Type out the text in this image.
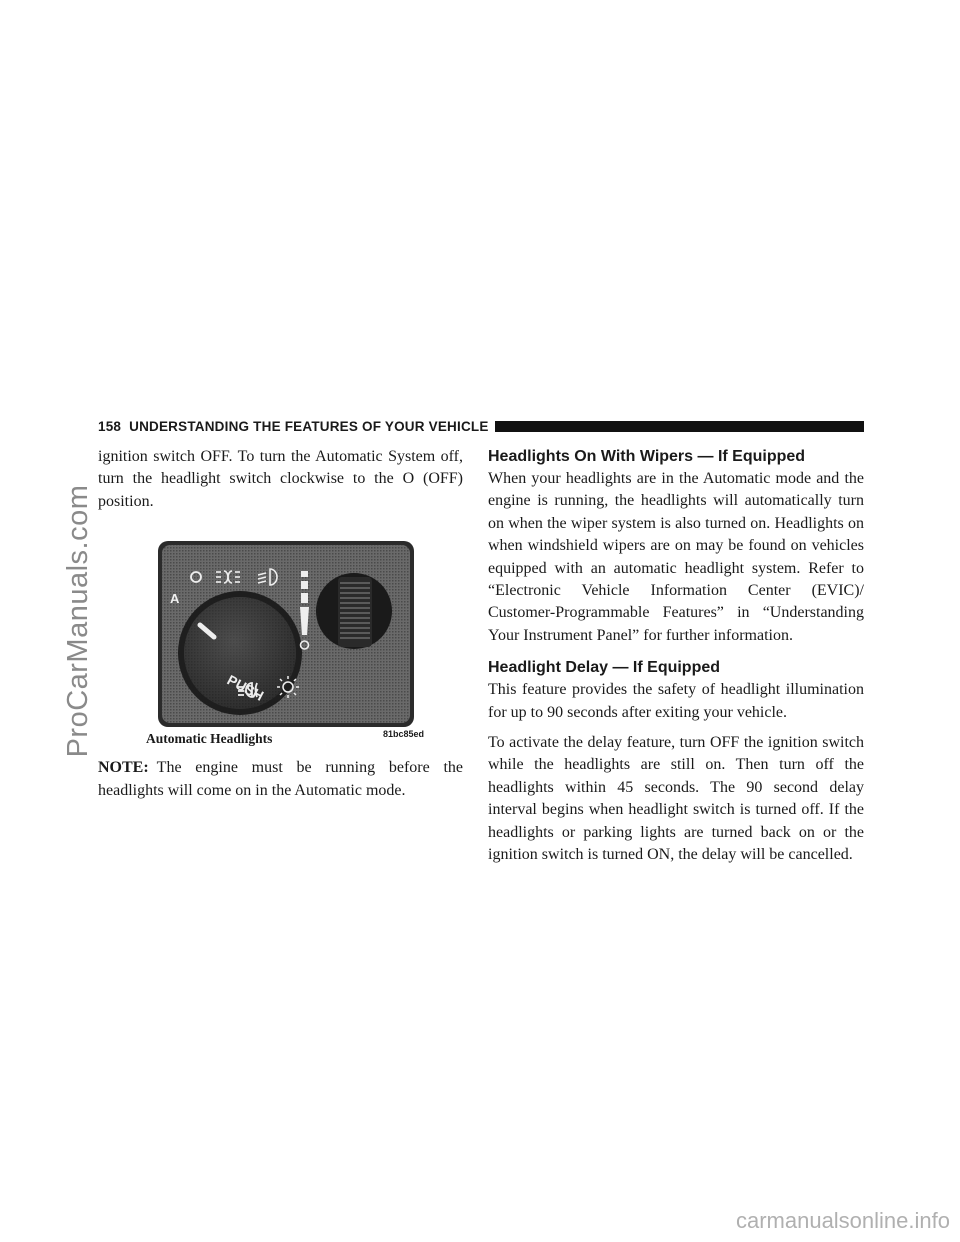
ProCarManuals.com
carmanualsonline.info
158 UNDERSTANDING THE FEATURES OF YOUR VEHICLE

ignition switch OFF. To turn the Automatic System off, turn the headlight switch clockwise to the O (OFF) position.

PUSH
A
81bc85ed
Automatic Headlights

NOTE: The engine must be running before the headlights will come on in the Automatic mode.

Headlights On With Wipers — If Equipped

When your headlights are in the Automatic mode and the engine is running, the headlights will automatically turn on when the wiper system is also turned on. Headlights on when windshield wipers are on may be found on vehicles equipped with an automatic headlight system. Refer to “Electronic Vehicle Information Center (EVIC)/ Customer-Programmable Features” in “Understanding Your Instrument Panel” for further information.

Headlight Delay — If Equipped

This feature provides the safety of headlight illumination for up to 90 seconds after exiting your vehicle.

To activate the delay feature, turn OFF the ignition switch while the headlights are still on. Then turn off the headlights within 45 seconds. The 90 second delay interval begins when headlight switch is turned off. If the headlights or parking lights are turned back on or the ignition switch is turned ON, the delay will be cancelled.
